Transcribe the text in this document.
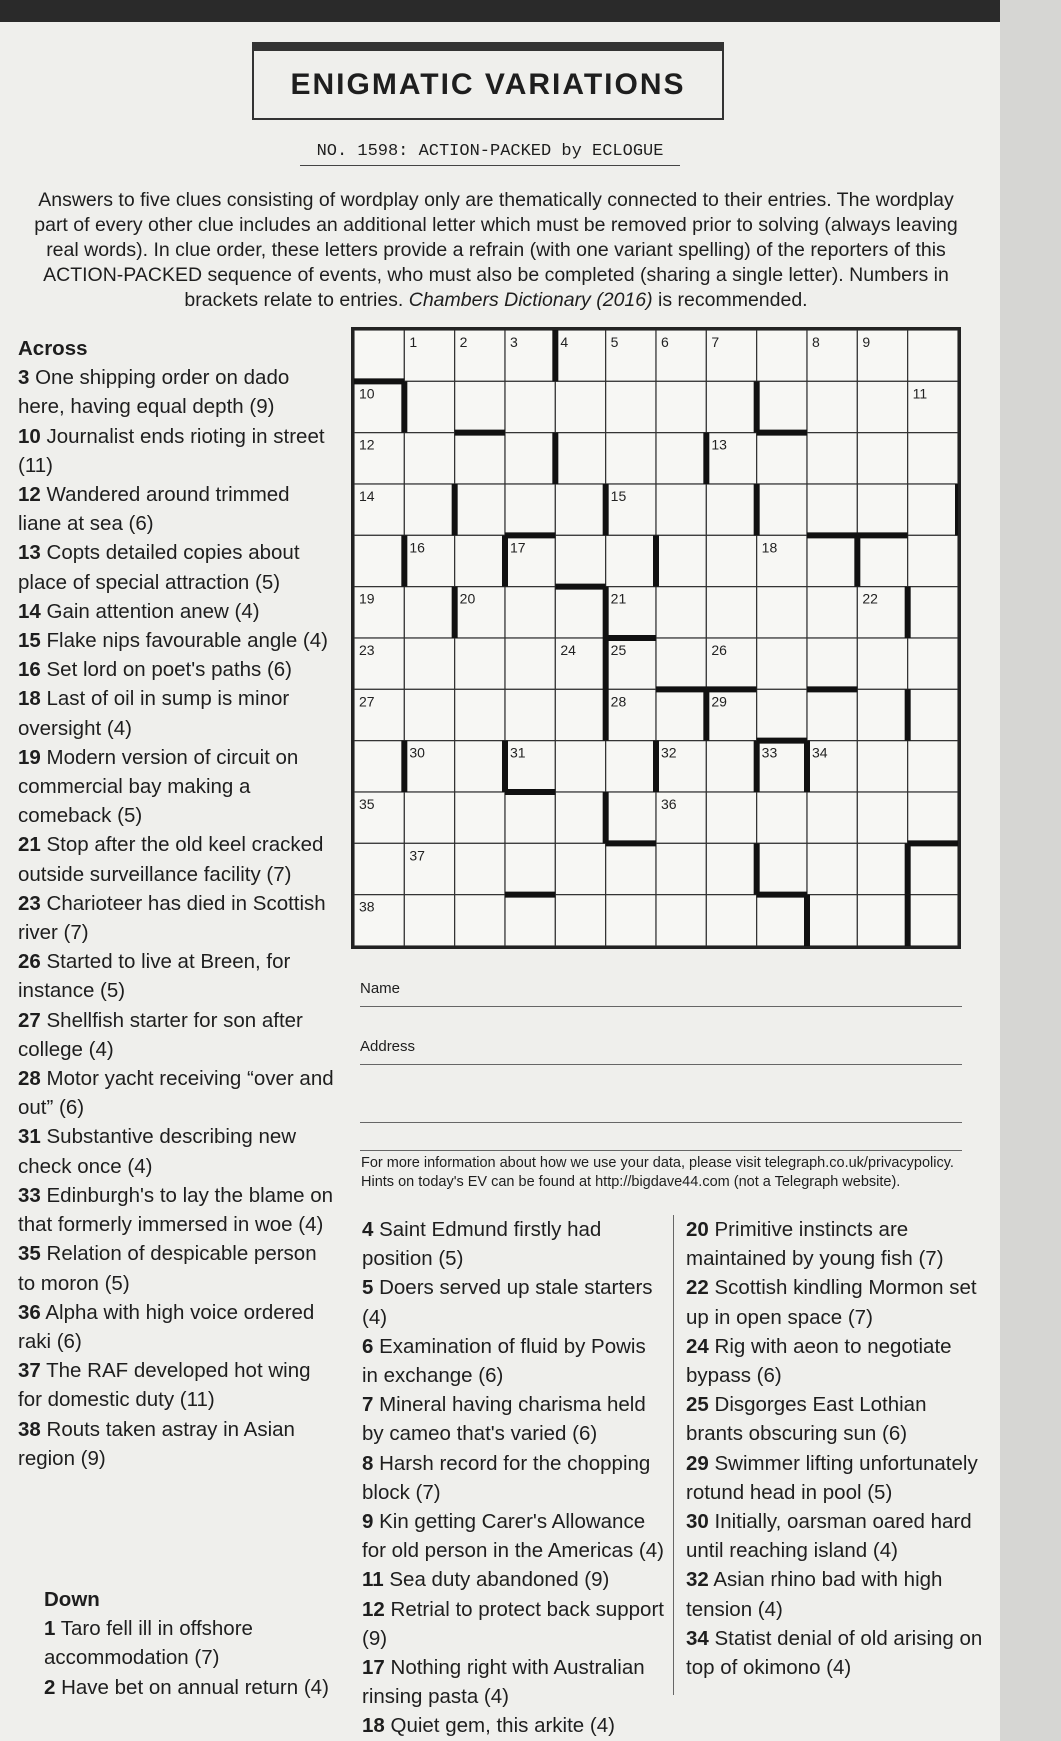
ENIGMATIC VARIATIONS
NO. 1598: ACTION-PACKED by ECLOGUE
Answers to five clues consisting of wordplay only are thematically connected to their entries. The wordplay part of every other clue includes an additional letter which must be removed prior to solving (always leaving real words). In clue order, these letters provide a refrain (with one variant spelling) of the reporters of this ACTION-PACKED sequence of events, who must also be completed (sharing a single letter). Numbers in brackets relate to entries. Chambers Dictionary (2016) is recommended.
Across

3 One shipping order on dado here, having equal depth (9)

10 Journalist ends rioting in street (11)

12 Wandered around trimmed liane at sea (6)

13 Copts detailed copies about place of special attraction (5)

14 Gain attention anew (4)

15 Flake nips favourable angle (4)

16 Set lord on poet's paths (6)

18 Last of oil in sump is minor oversight (4)

19 Modern version of circuit on commercial bay making a comeback (5)

21 Stop after the old keel cracked outside surveillance facility (7)

23 Charioteer has died in Scottish river (7)

26 Started to live at Breen, for instance (5)

27 Shellfish starter for son after college (4)

28 Motor yacht receiving “over and out” (6)

31 Substantive describing new check once (4)

33 Edinburgh's to lay the blame on that formerly immersed in woe (4)

35 Relation of despicable person to moron (5)

36 Alpha with high voice ordered raki (6)

37 The RAF developed hot wing for domestic duty (11)

38 Routs taken astray in Asian region (9)

1	2	3	4	5	6	7	8	9
10	11
12	13
14	15
16	17	18
19	20	21	22
23	24 25	26
27	28	29
30	31	32	33 34
35	36
37
38
Name
Address
For more information about how we use your data, please visit telegraph.co.uk/privacypolicy.
Hints on today's EV can be found at http://bigdave44.com (not a Telegraph website).
Down

1 Taro fell ill in offshore accommodation (7)

2 Have bet on annual return (4)

4 Saint Edmund firstly had position (5)

5 Doers served up stale starters (4)

6 Examination of fluid by Powis in exchange (6)

7 Mineral having charisma held by cameo that's varied (6)

8 Harsh record for the chopping block (7)

9 Kin getting Carer's Allowance for old person in the Americas (4)

11 Sea duty abandoned (9)

12 Retrial to protect back support (9)

17 Nothing right with Australian rinsing pasta (4)

18 Quiet gem, this arkite (4)

20 Primitive instincts are maintained by young fish (7)

22 Scottish kindling Mormon set up in open space (7)

24 Rig with aeon to negotiate bypass (6)

25 Disgorges East Lothian brants obscuring sun (6)

29 Swimmer lifting unfortunately rotund head in pool (5)

30 Initially, oarsman oared hard until reaching island (4)

32 Asian rhino bad with high tension (4)

34 Statist denial of old arising on top of okimono (4)
